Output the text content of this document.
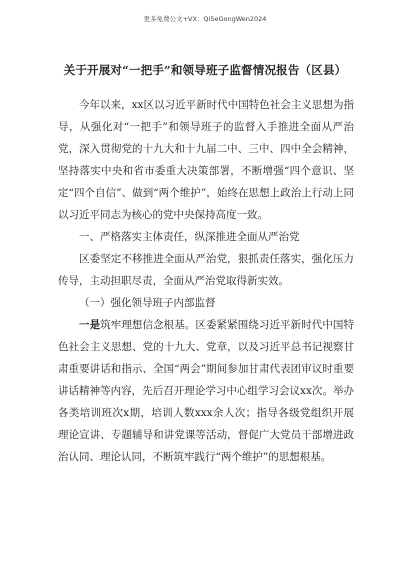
更多免费公文+VX：Qi5eGongWen2024
关于开展对“一把手”和领导班子监督情况报告（区县）

今年以来，xx区以习近平新时代中国特色社会主义思想为指导，从强化对“一把手”和领导班子的监督入手推进全面从严治党，深入贯彻党的十九大和十九届二中、三中、四中全会精神，坚持落实中央和省市委重大决策部署，不断增强“四个意识、坚定“四个自信”、做到“两个维护”，始终在思想上政治上行动上同以习近平同志为核心的党中央保持高度一致。

一、严格落实主体责任，纵深推进全面从严治党

区委坚定不移推进全面从严治党，狠抓责任落实，强化压力传导，主动担职尽责，全面从严治党取得新实效。

（一）强化领导班子内部监督

一是筑牢理想信念根基。区委紧紧围绕习近平新时代中国特色社会主义思想、党的十九大、党章，以及习近平总书记视察甘肃重要讲话和指示、全国“两会”期间参加甘肃代表团审议时重要讲话精神等内容，先后召开理论学习中心组学习会议xx次。举办各类培训班次x期，培训人数xxx余人次；指导各级党组织开展理论宣讲、专题辅导和讲党课等活动，督促广大党员干部增进政治认同、理论认同，不断筑牢践行“两个维护”的思想根基。
